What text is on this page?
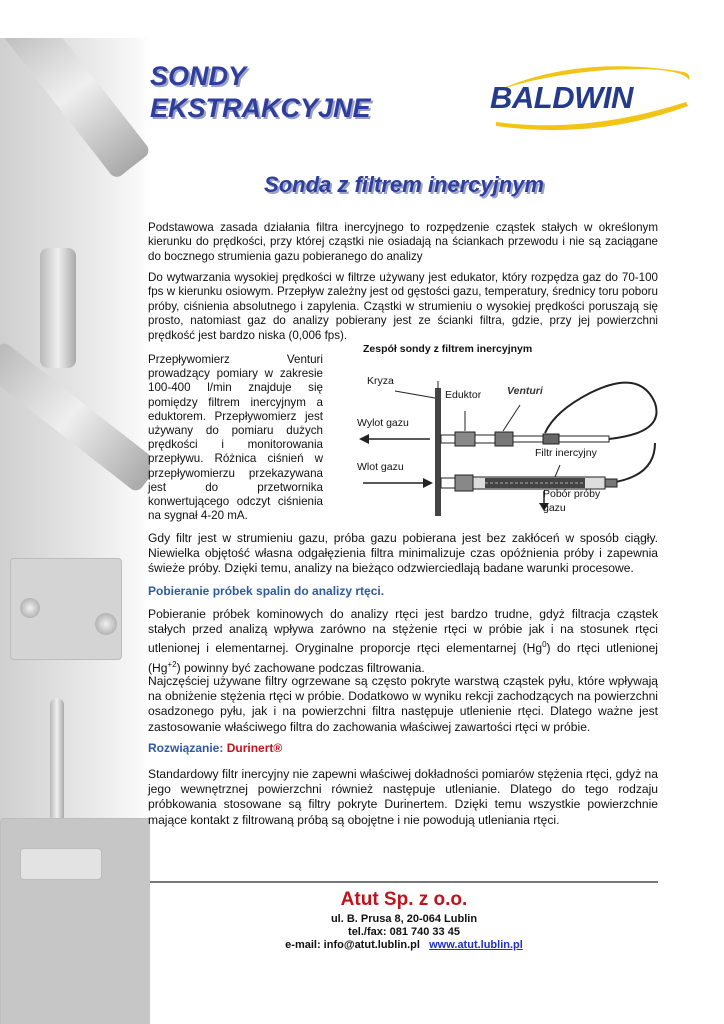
SONDY
EKSTRAKCYJNE	BALDWIN
Sonda z filtrem inercyjnym

Podstawowa zasada działania filtra inercyjnego to rozpędzenie cząstek stałych w określonym kierunku do prędkości, przy której cząstki nie osiadają na ściankach przewodu i nie są zaciągane do bocznego strumienia gazu pobieranego do analizy

Do wytwarzania wysokiej prędkości w filtrze używany jest edukator, który rozpędza gaz do 70-100 fps w kierunku osiowym. Przepływ zależny jest od gęstości gazu, temperatury, średnicy toru poboru próby, ciśnienia absolutnego i zapylenia. Cząstki w strumieniu o wysokiej prędkości poruszają się prosto, natomiast gaz do analizy pobierany jest ze ścianki filtra, gdzie, przy jej powierzchni prędkość jest bardzo niska (0,006 fps).

Przepływomierz Venturi prowadzący pomiary w zakresie 100-400 l/min znajduje się pomiędzy filtrem inercyjnym a eduktorem. Przepływomierz jest używany do pomiaru dużych prędkości i monitorowania przepływu. Różnica ciśnień w przepływomierzu przekazywana jest do przetwornika konwertującego odczyt ciśnienia na sygnał 4-20 mA.

Zespół sondy z filtrem inercyjnym

Kryza
Eduktor Venturi
Wylot gazu
Wlot gazu
Filtr inercyjny
Pobór próby
gazu

Gdy filtr jest w strumieniu gazu, próba gazu pobierana jest bez zakłóceń w sposób ciągły. Niewielka objętość własna odgałęzienia filtra minimalizuje czas opóźnienia próby i zapewnia świeże próby. Dzięki temu, analizy na bieżąco odzwierciedlają badane warunki procesowe.

Pobieranie próbek spalin do analizy rtęci.

Pobieranie próbek kominowych do analizy rtęci jest bardzo trudne, gdyż filtracja cząstek stałych przed analizą wpływa zarówno na stężenie rtęci w próbie jak i na stosunek rtęci utlenionej i elementarnej. Oryginalne proporcje rtęci elementarnej (Hg$^0$) do rtęci utlenionej $(Hg^{+2})$ powinny być zachowane podczas filtrowania.

Najczęściej używane filtry ogrzewane są często pokryte warstwą cząstek pyłu, które wpływają na obniżenie stężenia rtęci w próbie. Dodatkowo w wyniku rekcji zachodzących na powierzchni osadzonego pyłu, jak i na powierzchni filtra następuje utlenienie rtęci. Dlatego ważne jest zastosowanie właściwego filtra do zachowania właściwej zawartości rtęci w próbie.

Rozwiązanie: Durinert®

Standardowy filtr inercyjny nie zapewni właściwej dokładności pomiarów stężenia rtęci, gdyż na jego wewnętrznej powierzchni również następuje utlenianie. Dlatego do tego rodzaju próbkowania stosowane są filtry pokryte Durinertem. Dzięki temu wszystkie powierzchnie mające kontakt z filtrowaną próbą są obojętne i nie powodują utleniania rtęci.

Atut Sp. z o.o.

ul. B. Prusa 8, 20-064 Lublin

tel./fax: 081 740 33 45

e-mail: info@atut.lublin.pl www.atut.lublin.pl
